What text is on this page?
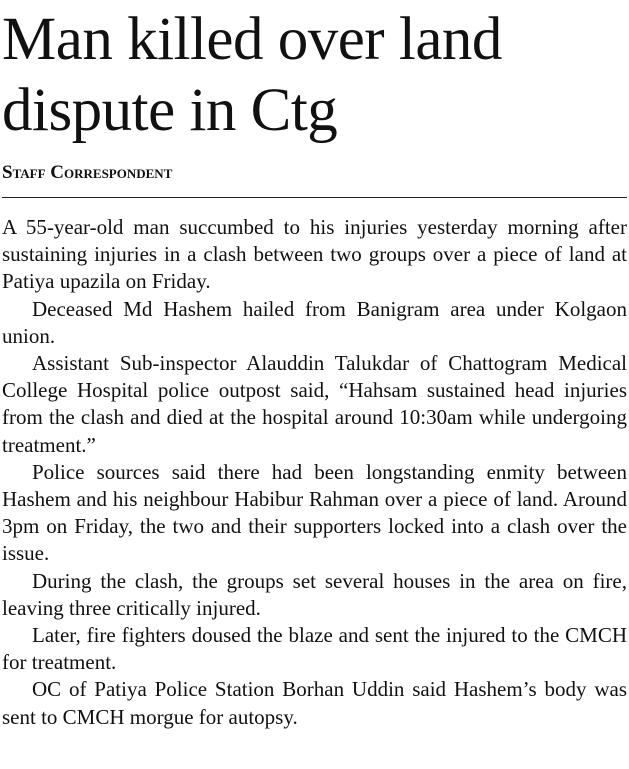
Man killed over land dispute in Ctg
Staff Correspondent

A 55-year-old man succumbed to his injuries yesterday morning after sustaining injuries in a clash between two groups over a piece of land at Patiya upazila on Friday.

Deceased Md Hashem hailed from Banigram area under Kolgaon union.

Assistant Sub-inspector Alauddin Talukdar of Chattogram Medical College Hospital police outpost said, “Hahsam sustained head injuries from the clash and died at the hospital around 10:30am while undergoing treatment.”

Police sources said there had been longstanding enmity between Hashem and his neighbour Habibur Rahman over a piece of land. Around 3pm on Friday, the two and their supporters locked into a clash over the issue.

During the clash, the groups set several houses in the area on fire, leaving three critically injured.

Later, fire fighters doused the blaze and sent the injured to the CMCH for treatment.

OC of Patiya Police Station Borhan Uddin said Hashem’s body was sent to CMCH morgue for autopsy.
